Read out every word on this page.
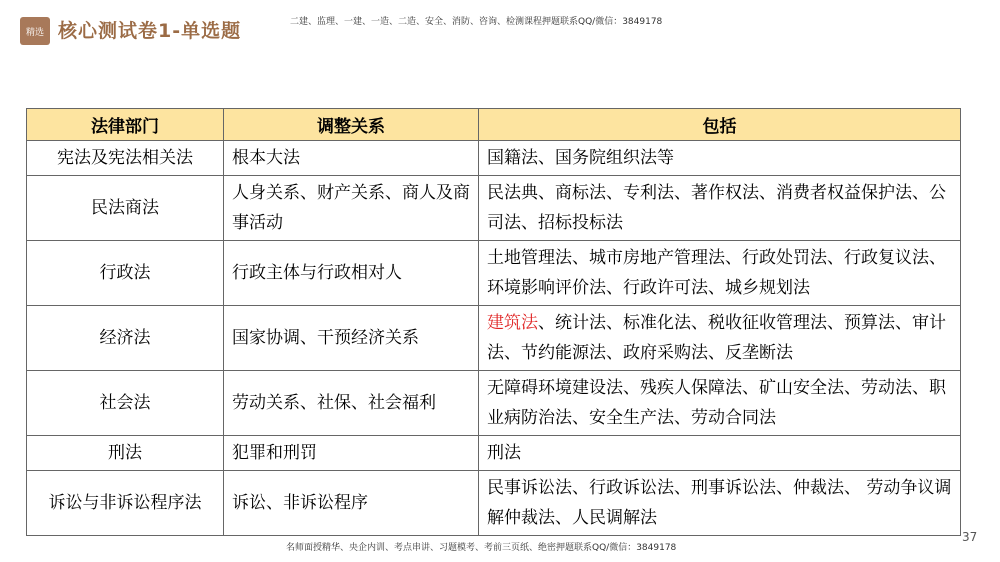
精选 核心测试卷1-单选题	二建、监理、一建、一造、二造、安全、消防、咨询、检测课程押题联系QQ/微信：3849178
法律部门	调整关系	包括
宪法及宪法相关法	根本大法	国籍法、国务院组织法等
民法商法	人身关系、财产关系、商人及商事活动	民法典、商标法、专利法、著作权法、消费者权益保护法、公司法、招标投标法
行政法	行政主体与行政相对人	土地管理法、城市房地产管理法、行政处罚法、行政复议法、环境影响评价法、行政许可法、城乡规划法
经济法	国家协调、干预经济关系	建筑法、统计法、标准化法、税收征收管理法、预算法、审计法、节约能源法、政府采购法、反垄断法
社会法	劳动关系、社保、社会福利	无障碍环境建设法、残疾人保障法、矿山安全法、劳动法、职业病防治法、安全生产法、劳动合同法
刑法	犯罪和刑罚	刑法
诉讼与非诉讼程序法	诉讼、非诉讼程序	民事诉讼法、行政诉讼法、刑事诉讼法、仲裁法、 劳动争议调解仲裁法、人民调解法
名师面授精华、央企内训、考点串讲、习题模考、考前三页纸、绝密押题联系QQ/微信：3849178
37
